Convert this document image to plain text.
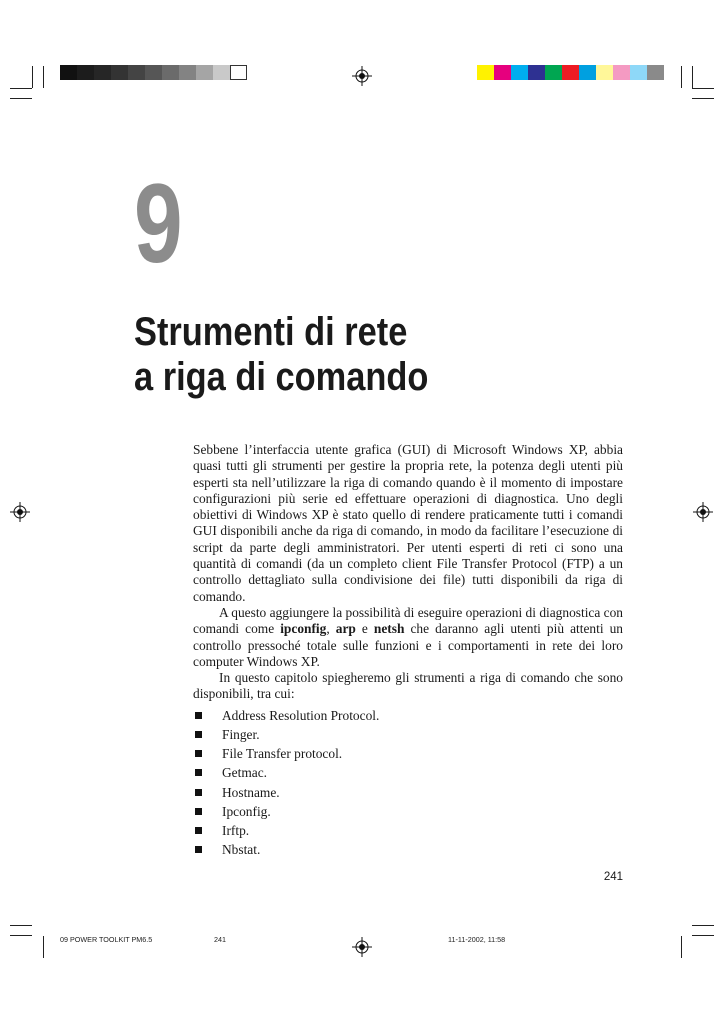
9
Strumenti di rete
a riga di comando

Sebbene l’interfaccia utente grafica (GUI) di Microsoft Windows XP, abbia quasi tutti gli strumenti per gestire la propria rete, la potenza degli utenti più esperti sta nell’utilizzare la riga di comando quando è il momento di impostare configurazioni più serie ed effettuare operazioni di diagnostica. Uno degli obiettivi di Windows XP è stato quello di rendere praticamente tutti i comandi GUI disponibili anche da riga di comando, in modo da facilitare l’esecuzione di script da parte degli amministratori. Per utenti esperti di reti ci sono una quantità di comandi (da un completo client File Transfer Protocol (FTP) a un controllo dettagliato sulla condivisione dei file) tutti disponibili da riga di comando.

A questo aggiungere la possibilità di eseguire operazioni di diagnostica con comandi come ipconfig, arp e netsh che daranno agli utenti più attenti un controllo pressoché totale sulle funzioni e i comportamenti in rete dei loro computer Windows XP.

In questo capitolo spiegheremo gli strumenti a riga di comando che sono disponibili, tra cui:

Address Resolution Protocol.
Finger.
File Transfer protocol.
Getmac.
Hostname.
Ipconfig.
Irftp.
Nbstat.
241
09 POWER TOOLKIT PM6.5	241	11-11-2002, 11:58
